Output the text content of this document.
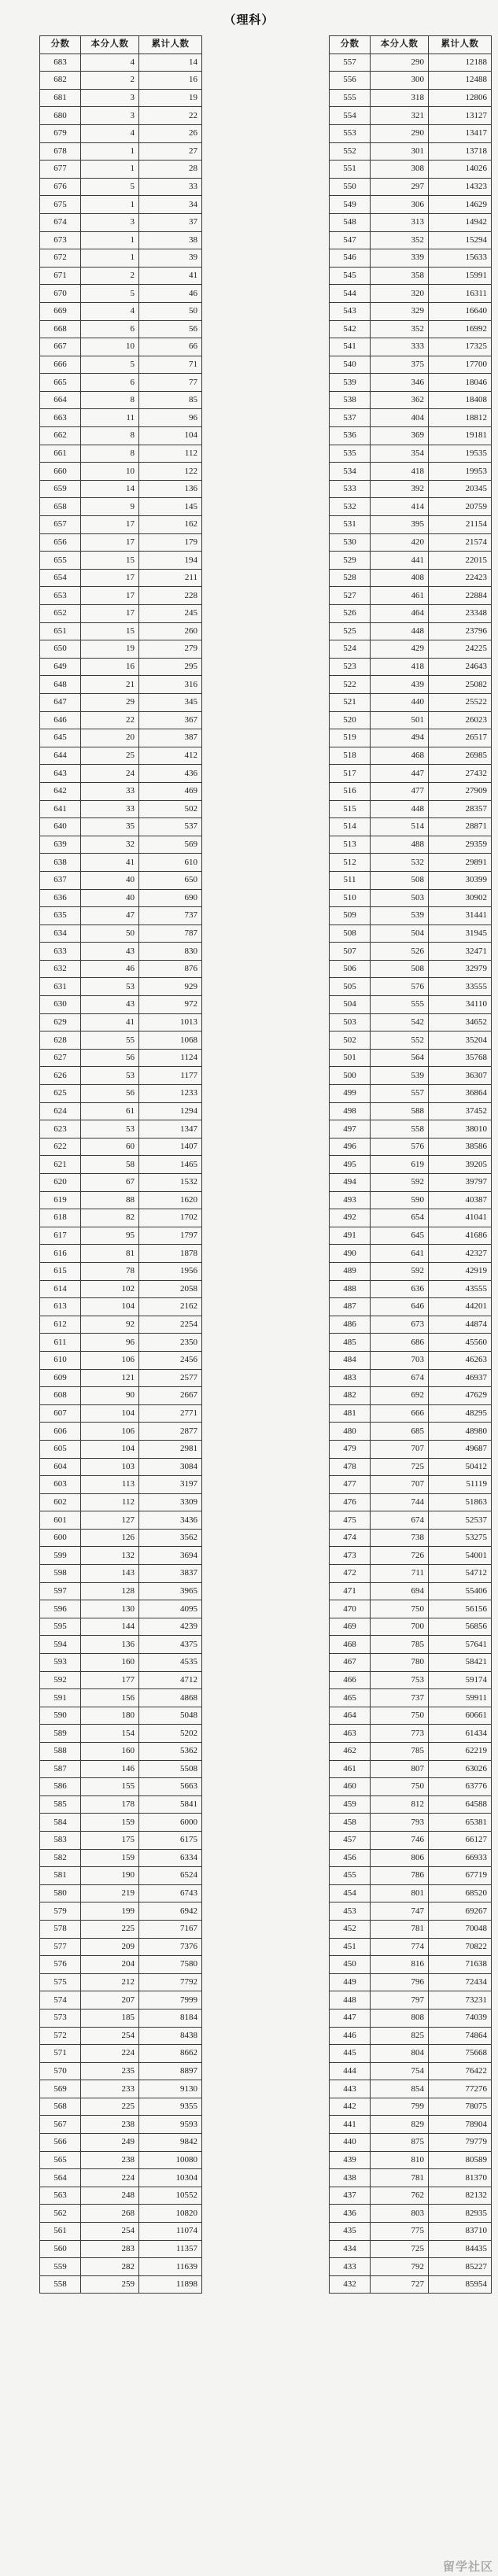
（理科）
分数	本分人数	累计人数
683	4	14
682	2	16
681	3	19
680	3	22
679	4	26
678	1	27
677	1	28
676	5	33
675	1	34
674	3	37
673	1	38
672	1	39
671	2	41
670	5	46
669	4	50
668	6	56
667	10	66
666	5	71
665	6	77
664	8	85
663	11	96
662	8	104
661	8	112
660	10	122
659	14	136
658	9	145
657	17	162
656	17	179
655	15	194
654	17	211
653	17	228
652	17	245
651	15	260
650	19	279
649	16	295
648	21	316
647	29	345
646	22	367
645	20	387
644	25	412
643	24	436
642	33	469
641	33	502
640	35	537
639	32	569
638	41	610
637	40	650
636	40	690
635	47	737
634	50	787
633	43	830
632	46	876
631	53	929
630	43	972
629	41	1013
628	55	1068
627	56	1124
626	53	1177
625	56	1233
624	61	1294
623	53	1347
622	60	1407
621	58	1465
620	67	1532
619	88	1620
618	82	1702
617	95	1797
616	81	1878
615	78	1956
614	102	2058
613	104	2162
612	92	2254
611	96	2350
610	106	2456
609	121	2577
608	90	2667
607	104	2771
606	106	2877
605	104	2981
604	103	3084
603	113	3197
602	112	3309
601	127	3436
600	126	3562
599	132	3694
598	143	3837
597	128	3965
596	130	4095
595	144	4239
594	136	4375
593	160	4535
592	177	4712
591	156	4868
590	180	5048
589	154	5202
588	160	5362
587	146	5508
586	155	5663
585	178	5841
584	159	6000
583	175	6175
582	159	6334
581	190	6524
580	219	6743
579	199	6942
578	225	7167
577	209	7376
576	204	7580
575	212	7792
574	207	7999
573	185	8184
572	254	8438
571	224	8662
570	235	8897
569	233	9130
568	225	9355
567	238	9593
566	249	9842
565	238	10080
564	224	10304
563	248	10552
562	268	10820
561	254	11074
560	283	11357
559	282	11639
558	259	11898
分数	本分人数	累计人数
557	290	12188
556	300	12488
555	318	12806
554	321	13127
553	290	13417
552	301	13718
551	308	14026
550	297	14323
549	306	14629
548	313	14942
547	352	15294
546	339	15633
545	358	15991
544	320	16311
543	329	16640
542	352	16992
541	333	17325
540	375	17700
539	346	18046
538	362	18408
537	404	18812
536	369	19181
535	354	19535
534	418	19953
533	392	20345
532	414	20759
531	395	21154
530	420	21574
529	441	22015
528	408	22423
527	461	22884
526	464	23348
525	448	23796
524	429	24225
523	418	24643
522	439	25082
521	440	25522
520	501	26023
519	494	26517
518	468	26985
517	447	27432
516	477	27909
515	448	28357
514	514	28871
513	488	29359
512	532	29891
511	508	30399
510	503	30902
509	539	31441
508	504	31945
507	526	32471
506	508	32979
505	576	33555
504	555	34110
503	542	34652
502	552	35204
501	564	35768
500	539	36307
499	557	36864
498	588	37452
497	558	38010
496	576	38586
495	619	39205
494	592	39797
493	590	40387
492	654	41041
491	645	41686
490	641	42327
489	592	42919
488	636	43555
487	646	44201
486	673	44874
485	686	45560
484	703	46263
483	674	46937
482	692	47629
481	666	48295
480	685	48980
479	707	49687
478	725	50412
477	707	51119
476	744	51863
475	674	52537
474	738	53275
473	726	54001
472	711	54712
471	694	55406
470	750	56156
469	700	56856
468	785	57641
467	780	58421
466	753	59174
465	737	59911
464	750	60661
463	773	61434
462	785	62219
461	807	63026
460	750	63776
459	812	64588
458	793	65381
457	746	66127
456	806	66933
455	786	67719
454	801	68520
453	747	69267
452	781	70048
451	774	70822
450	816	71638
449	796	72434
448	797	73231
447	808	74039
446	825	74864
445	804	75668
444	754	76422
443	854	77276
442	799	78075
441	829	78904
440	875	79779
439	810	80589
438	781	81370
437	762	82132
436	803	82935
435	775	83710
434	725	84435
433	792	85227
432	727	85954
留学社区
